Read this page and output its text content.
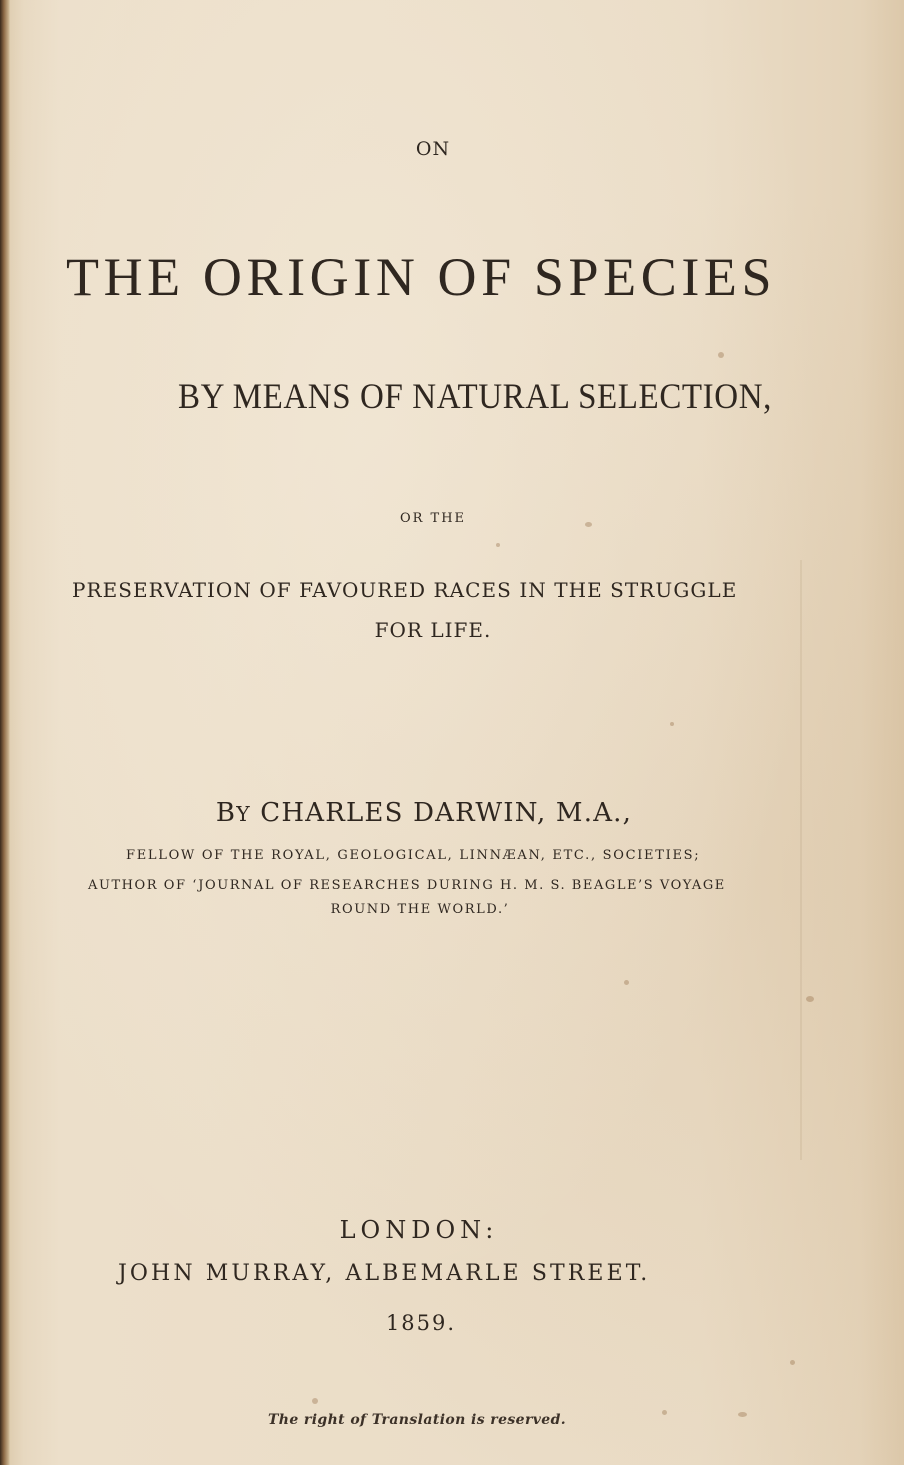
ON

THE ORIGIN OF SPECIES

BY MEANS OF NATURAL SELECTION,

OR THE

PRESERVATION OF FAVOURED RACES IN THE STRUGGLE

FOR LIFE.

BY CHARLES DARWIN, M.A.,

FELLOW OF THE ROYAL, GEOLOGICAL, LINNÆAN, ETC., SOCIETIES;

AUTHOR OF ‘JOURNAL OF RESEARCHES DURING H. M. S. BEAGLE’S VOYAGE

ROUND THE WORLD.’

LONDON:

JOHN MURRAY, ALBEMARLE STREET.

1859.

The right of Translation is reserved.
